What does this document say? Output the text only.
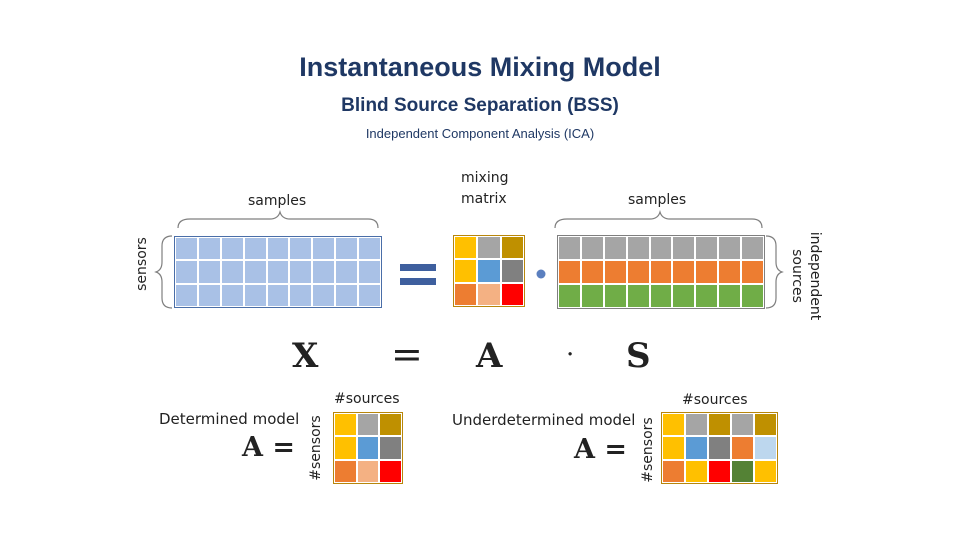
Instantaneous Mixing Model
Blind Source Separation (BSS)
Independent Component Analysis (ICA)
samples	samples
mixing
matrix
sensors	independent
sources
X = A · S
Determined model
A =
#sources
#sensors	Underdetermined model
A =
#sources
#sensors
